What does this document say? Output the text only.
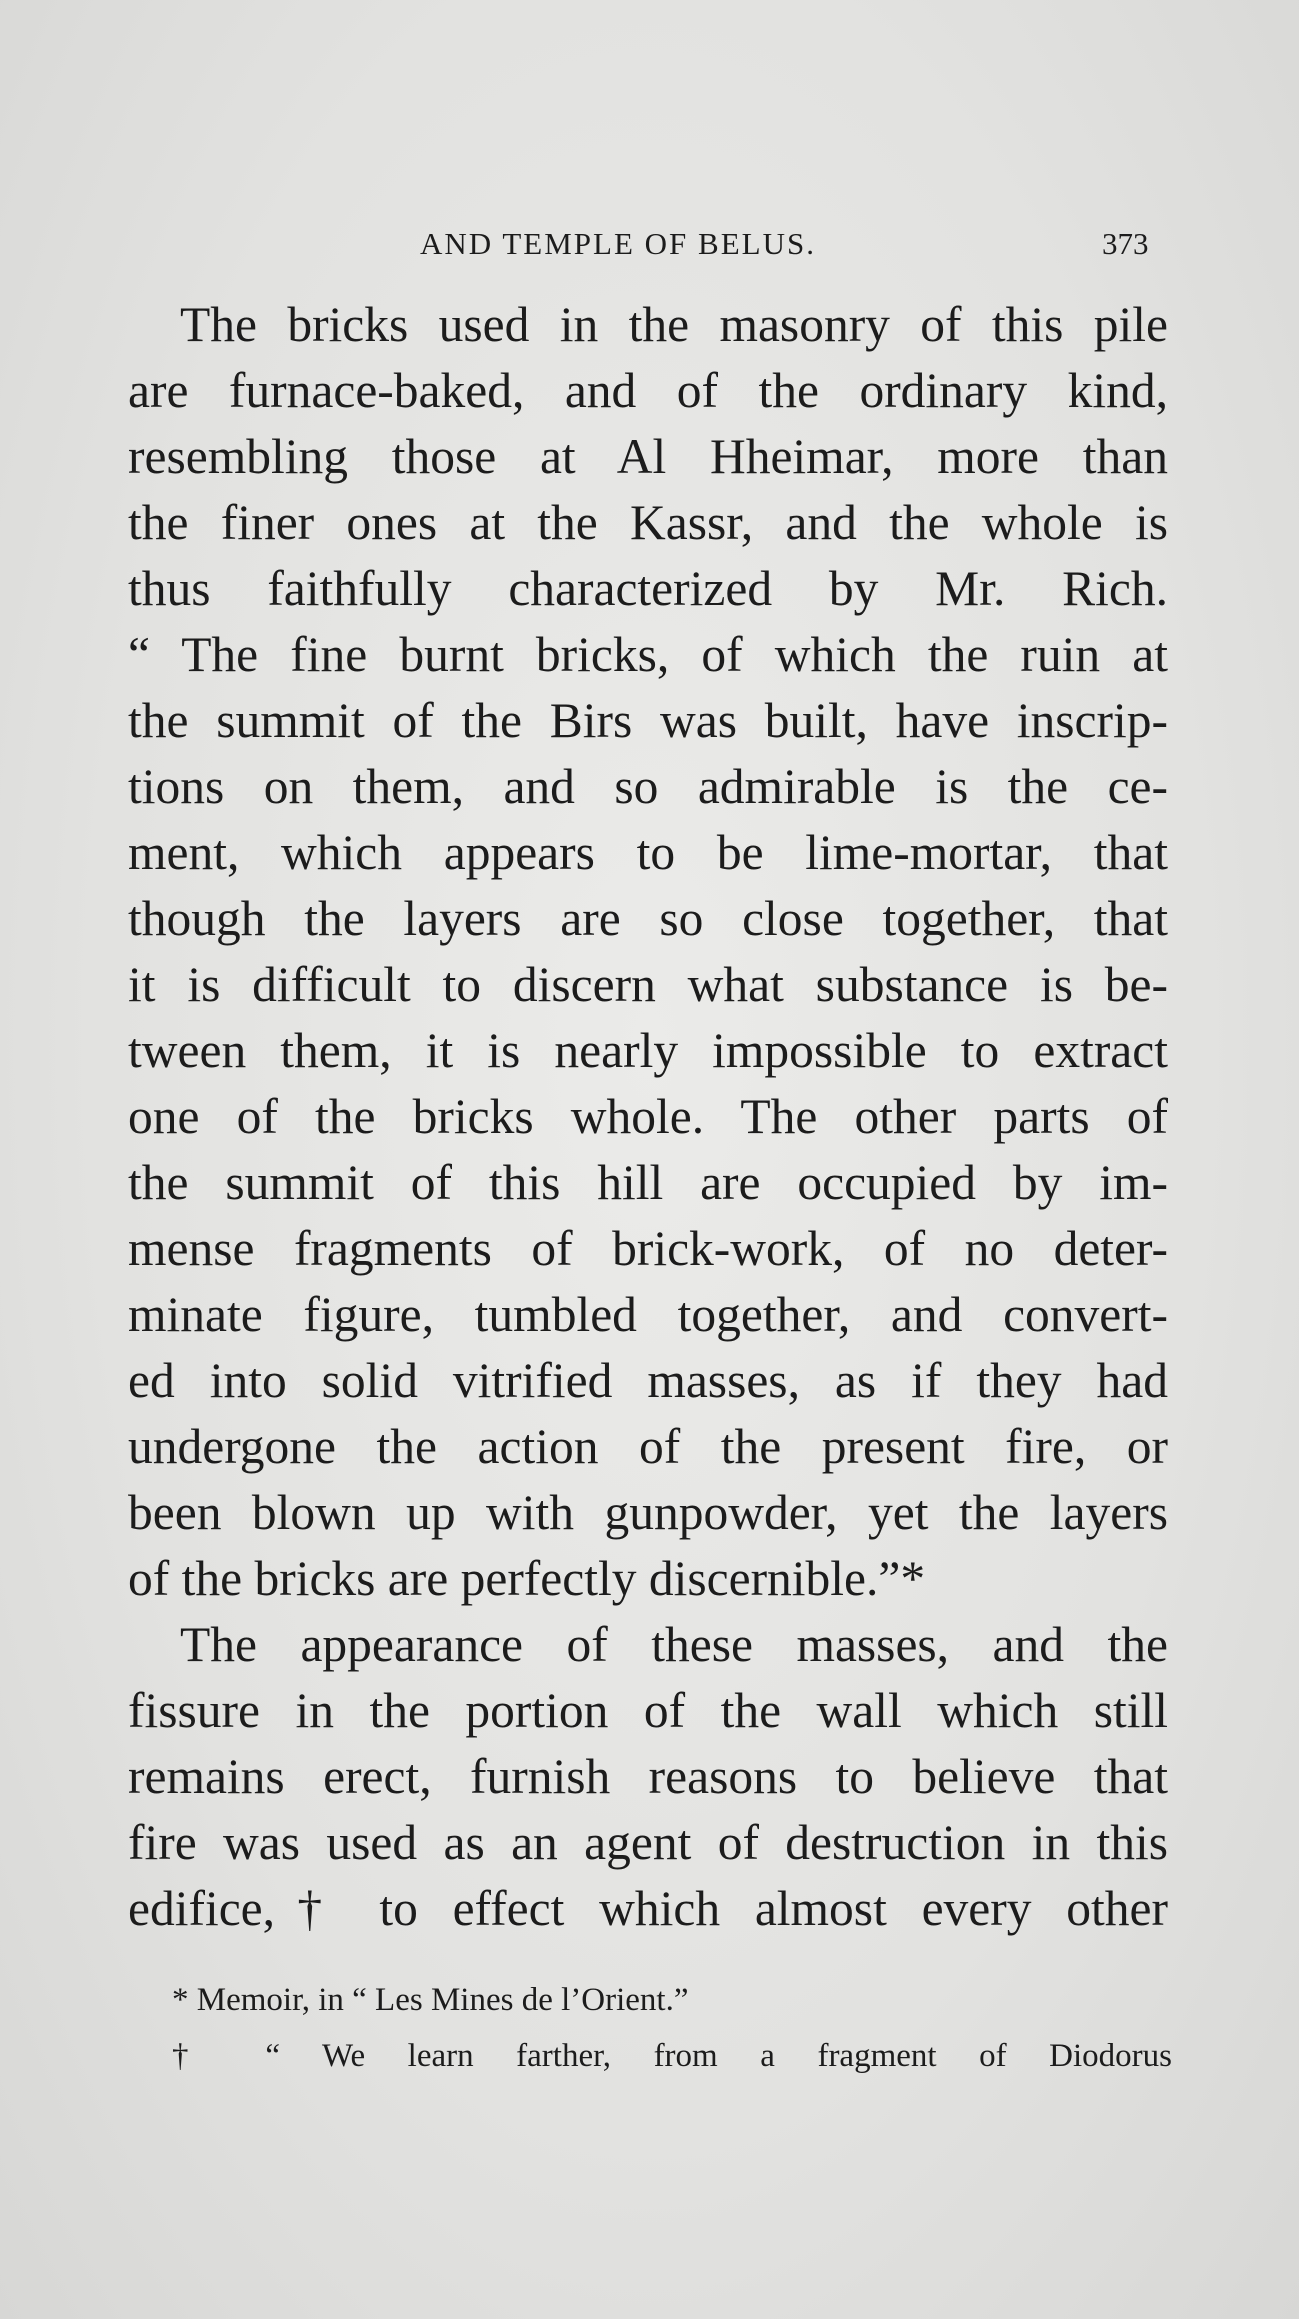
AND TEMPLE OF BELUS.	373
The bricks used in the masonry of this pile
are furnace-baked, and of the ordinary kind,
resembling those at Al Hheimar, more than
the finer ones at the Kassr, and the whole is
thus faithfully characterized by Mr. Rich.
“ The fine burnt bricks, of which the ruin at
the summit of the Birs was built, have inscrip-
tions on them, and so admirable is the ce-
ment, which appears to be lime-mortar, that
though the layers are so close together, that
it is difficult to discern what substance is be-
tween them, it is nearly impossible to extract
one of the bricks whole. The other parts of
the summit of this hill are occupied by im-
mense fragments of brick-work, of no deter-
minate figure, tumbled together, and convert-
ed into solid vitrified masses, as if they had
undergone the action of the present fire, or
been blown up with gunpowder, yet the layers
of the bricks are perfectly discernible.”*
The appearance of these masses, and the
fissure in the portion of the wall which still
remains erect, furnish reasons to believe that
fire was used as an agent of destruction in this
edifice,† to effect which almost every other
* Memoir, in “ Les Mines de l’Orient.”
† “ We learn farther, from a fragment of Diodorus
